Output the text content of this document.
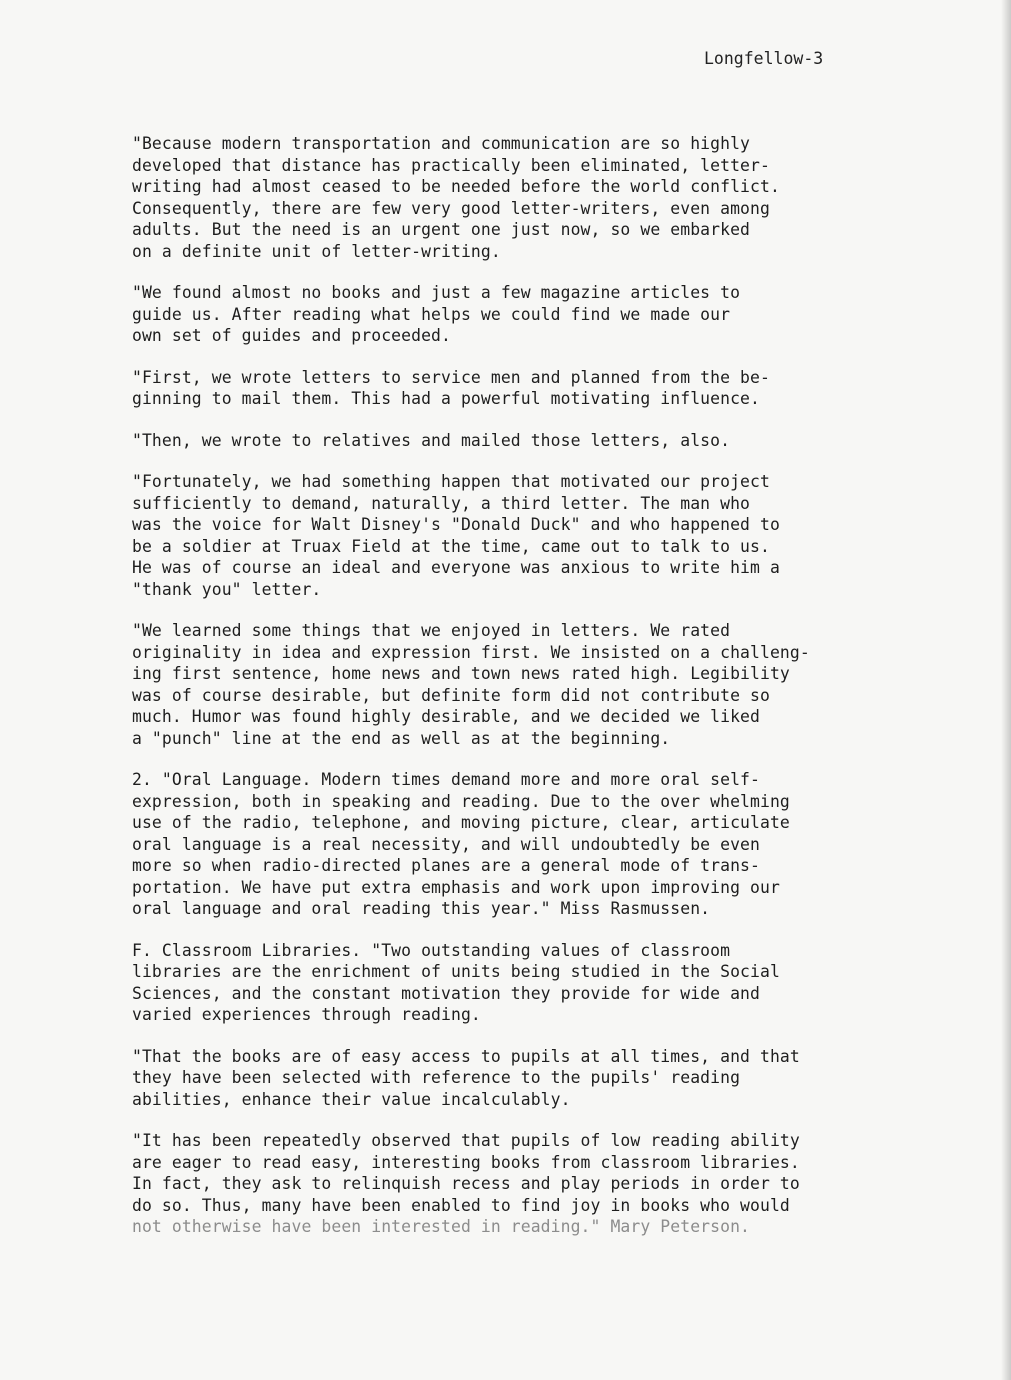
Longfellow-3
"Because modern transportation and communication are so highly
developed that distance has practically been eliminated, letter-
writing had almost ceased to be needed before the world conflict.
Consequently, there are few very good letter-writers, even among
adults. But the need is an urgent one just now, so we embarked
on a definite unit of letter-writing.
"We found almost no books and just a few magazine articles to
guide us. After reading what helps we could find we made our
own set of guides and proceeded.
"First, we wrote letters to service men and planned from the be-
ginning to mail them. This had a powerful motivating influence.
"Then, we wrote to relatives and mailed those letters, also.
"Fortunately, we had something happen that motivated our project
sufficiently to demand, naturally, a third letter. The man who
was the voice for Walt Disney's "Donald Duck" and who happened to
be a soldier at Truax Field at the time, came out to talk to us.
He was of course an ideal and everyone was anxious to write him a
"thank you" letter.
"We learned some things that we enjoyed in letters. We rated
originality in idea and expression first. We insisted on a challeng-
ing first sentence, home news and town news rated high. Legibility
was of course desirable, but definite form did not contribute so
much. Humor was found highly desirable, and we decided we liked
a "punch" line at the end as well as at the beginning.
2. "Oral Language. Modern times demand more and more oral self-
expression, both in speaking and reading. Due to the over whelming
use of the radio, telephone, and moving picture, clear, articulate
oral language is a real necessity, and will undoubtedly be even
more so when radio-directed planes are a general mode of trans-
portation. We have put extra emphasis and work upon improving our
oral language and oral reading this year." Miss Rasmussen.
F. Classroom Libraries. "Two outstanding values of classroom
libraries are the enrichment of units being studied in the Social
Sciences, and the constant motivation they provide for wide and
varied experiences through reading.
"That the books are of easy access to pupils at all times, and that
they have been selected with reference to the pupils' reading
abilities, enhance their value incalculably.
"It has been repeatedly observed that pupils of low reading ability
are eager to read easy, interesting books from classroom libraries.
In fact, they ask to relinquish recess and play periods in order to
do so. Thus, many have been enabled to find joy in books who would
not otherwise have been interested in reading." Mary Peterson.
